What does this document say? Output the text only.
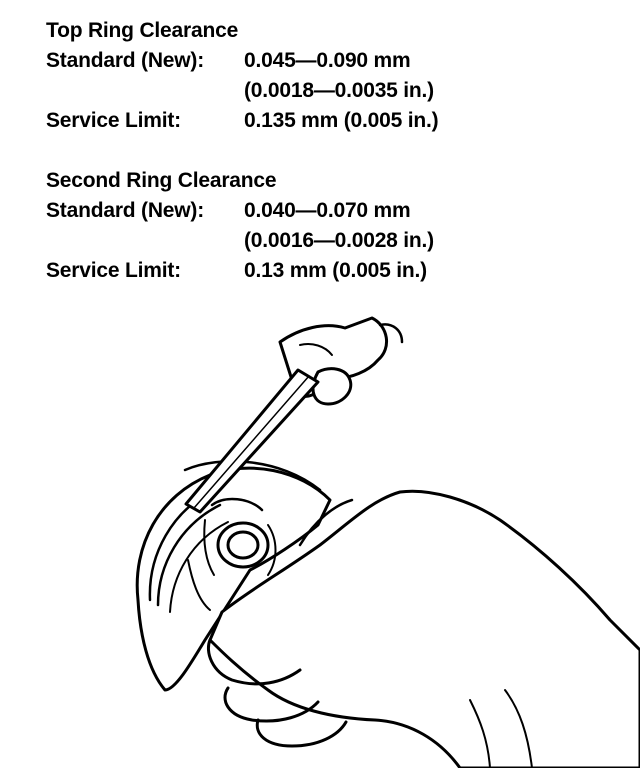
Top Ring Clearance
Standard (New): 0.045—0.090 mm
(0.0018—0.0035 in.)
Service Limit:	0.135 mm (0.005 in.)
Second Ring Clearance
Standard (New): 0.040—0.070 mm
(0.0016—0.0028 in.)
Service Limit:	0.13 mm (0.005 in.)
